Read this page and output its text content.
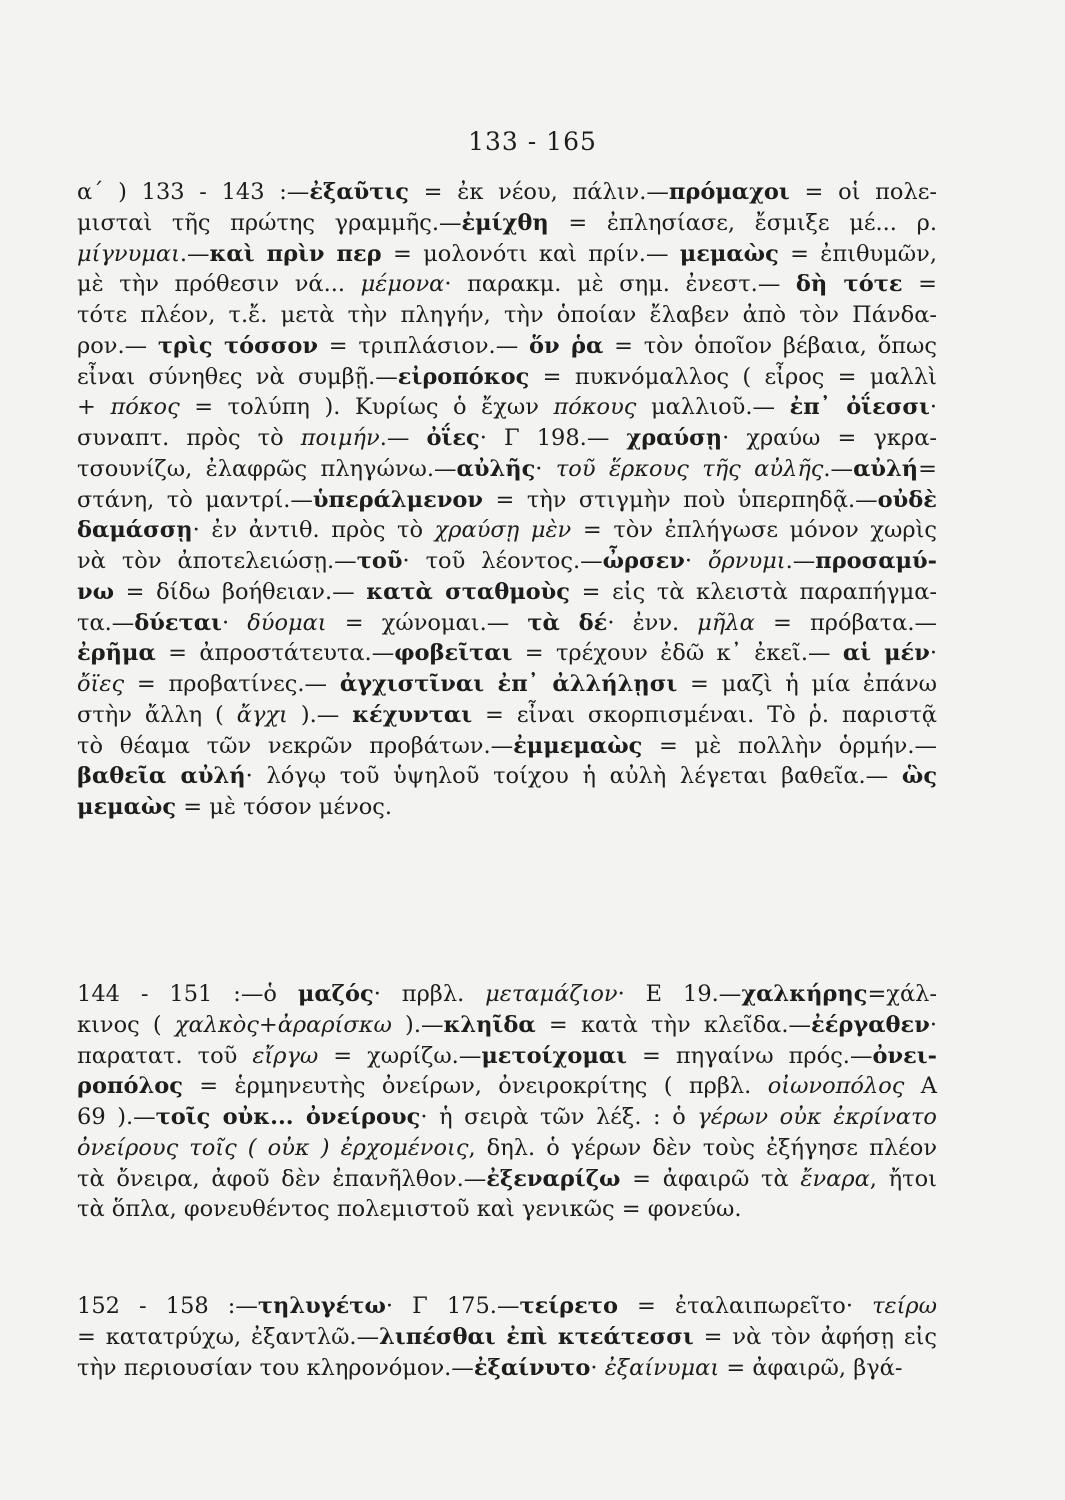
133 - 165
α΄ ) 133 - 143 :—ἐξαῦτις = ἐκ νέου, πάλιν.—πρόμαχοι = οἱ πολε-
μισταὶ τῆς πρώτης γραμμῆς.—ἐμίχθη = ἐπλησίασε, ἔσμιξε μέ... ρ.
μίγνυμαι.—καὶ πρὶν περ = μολονότι καὶ πρίν.— μεμαὼς = ἐπιθυμῶν,
μὲ τὴν πρόθεσιν νά... μέμονα· παρακμ. μὲ σημ. ἐνεστ.— δὴ τότε =
τότε πλέον, τ.ἔ. μετὰ τὴν πληγήν, τὴν ὁποίαν ἔλαβεν ἀπὸ τὸν Πάνδα-
ρον.— τρὶς τόσσον = τριπλάσιον.— ὅν ῥα = τὸν ὁποῖον βέβαια, ὅπως
εἶναι σύνηθες νὰ συμβῇ.—εἰροπόκος = πυκνόμαλλος ( εἶρος = μαλλὶ
+ πόκος = τολύπη ). Κυρίως ὁ ἔχων πόκους μαλλιοῦ.— ἐπ᾽ ὀΐεσσι·
συναπτ. πρὸς τὸ ποιμήν.— ὀΐες· Γ 198.— χραύσῃ· χραύω = γκρα-
τσουνίζω, ἐλαφρῶς πληγώνω.—αὐλῆς· τοῦ ἕρκους τῆς αὐλῆς.—αὐλή=
στάνη, τὸ μαντρί.—ὑπεράλμενον = τὴν στιγμὴν ποὺ ὑπερπηδᾷ.—οὐδὲ
δαμάσσῃ· ἐν ἀντιθ. πρὸς τὸ χραύσῃ μὲν = τὸν ἐπλήγωσε μόνον χωρὶς
νὰ τὸν ἀποτελειώσῃ.—τοῦ· τοῦ λέοντος.—ὦρσεν· ὄρνυμι.—προσαμύ-
νω = δίδω βοήθειαν.— κατὰ σταθμοὺς = εἰς τὰ κλειστὰ παραπήγμα-
τα.—δύεται· δύομαι = χώνομαι.— τὰ δέ· ἐνν. μῆλα = πρόβατα.—
ἐρῆμα = ἀπροστάτευτα.—φοβεῖται = τρέχουν ἐδῶ κ᾽ ἐκεῖ.— αἱ μέν·
ὄϊες = προβατίνες.— ἀγχιστῖναι ἐπ᾽ ἀλλήλῃσι = μαζὶ ἡ μία ἐπάνω
στὴν ἄλλη ( ἄγχι ).— κέχυνται = εἶναι σκορπισμέναι. Τὸ ῥ. παριστᾷ
τὸ θέαμα τῶν νεκρῶν προβάτων.—ἐμμεμαὼς = μὲ πολλὴν ὁρμήν.—
βαθεῖα αὐλή· λόγῳ τοῦ ὑψηλοῦ τοίχου ἡ αὐλὴ λέγεται βαθεῖα.— ὣς
μεμαὼς = μὲ τόσον μένος.
144 - 151 :—ὁ μαζός· πρβλ. μεταμάζιον· Ε 19.—χαλκήρης=χάλ-
κινος ( χαλκὸς+ἀραρίσκω ).—κληῖδα = κατὰ τὴν κλεῖδα.—ἐέργαθεν·
παρατατ. τοῦ εἴργω = χωρίζω.—μετοίχομαι = πηγαίνω πρός.—ὀνει-
ροπόλος = ἑρμηνευτὴς ὀνείρων, ὀνειροκρίτης ( πρβλ. οἰωνοπόλος Α
69 ).—τοῖς οὐκ... ὀνείρους· ἡ σειρὰ τῶν λέξ. : ὁ γέρων οὐκ ἐκρίνατο
ὀνείρους τοῖς ( οὐκ ) ἐρχομένοις, δηλ. ὁ γέρων δὲν τοὺς ἐξήγησε πλέον
τὰ ὄνειρα, ἀφοῦ δὲν ἐπανῆλθον.—ἐξεναρίζω = ἀφαιρῶ τὰ ἔναρα, ἤτοι
τὰ ὅπλα, φονευθέντος πολεμιστοῦ καὶ γενικῶς = φονεύω.
152 - 158 :—τηλυγέτω· Γ 175.—τείρετο = ἐταλαιπωρεῖτο· τείρω
= κατατρύχω, ἐξαντλῶ.—λιπέσθαι ἐπὶ κτεάτεσσι = νὰ τὸν ἀφήσῃ εἰς
τὴν περιουσίαν του κληρονόμον.—ἐξαίνυτο· ἐξαίνυμαι = ἀφαιρῶ, βγά-
